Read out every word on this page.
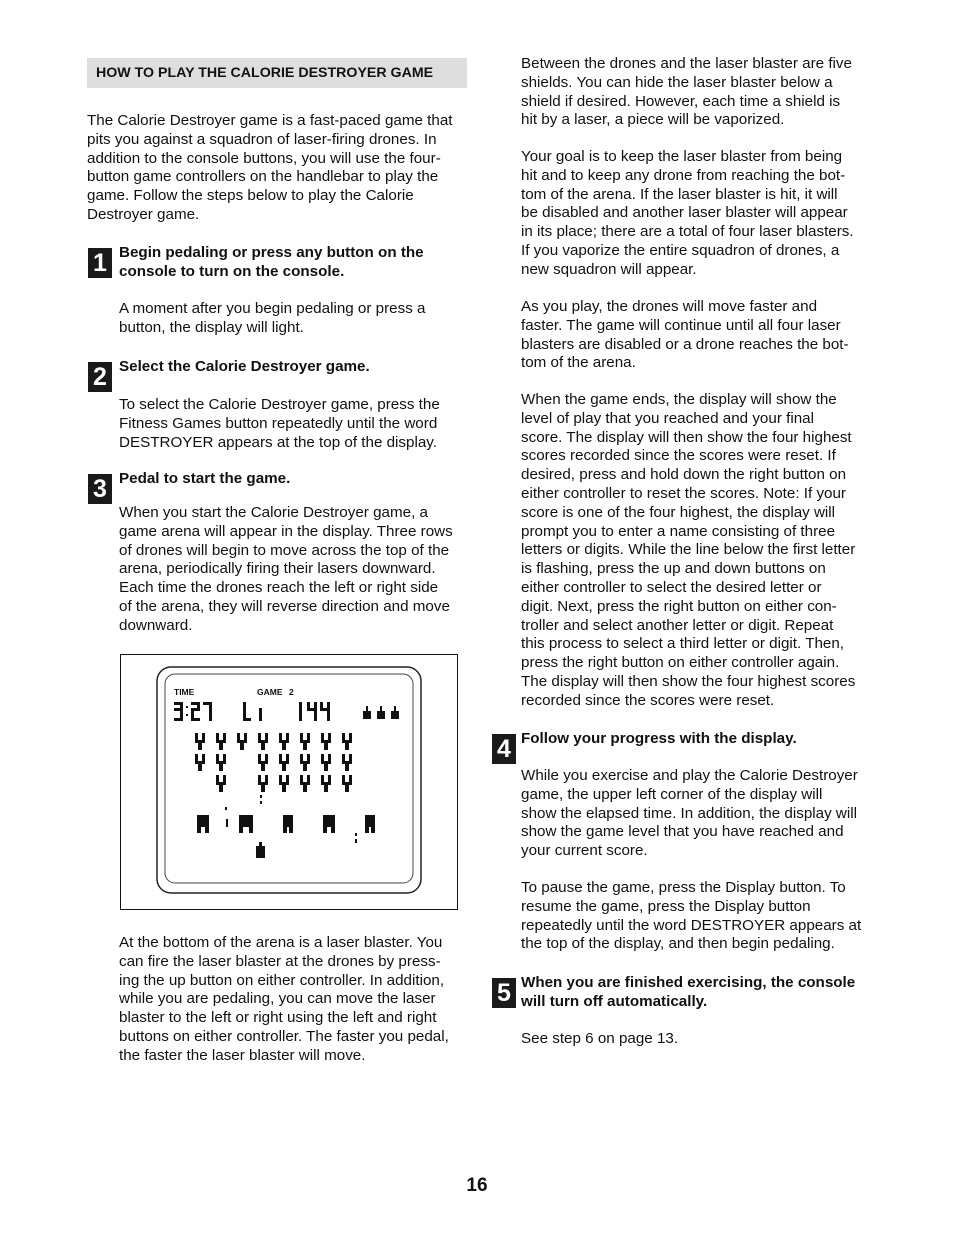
HOW TO PLAY THE CALORIE DESTROYER GAME

The Calorie Destroyer game is a fast-paced game that

pits you against a squadron of laser-firing drones. In

addition to the console buttons, you will use the four-

button game controllers on the handlebar to play the

game. Follow the steps below to play the Calorie

Destroyer game.

1 Begin pedaling or press any button on the

console to turn on the console.

A moment after you begin pedaling or press a

button, the display will light.

2 Select the Calorie Destroyer game.

To select the Calorie Destroyer game, press the

Fitness Games button repeatedly until the word

DESTROYER appears at the top of the display.

3 Pedal to start the game.

When you start the Calorie Destroyer game, a

game arena will appear in the display. Three rows

of drones will begin to move across the top of the

arena, periodically firing their lasers downward.

Each time the drones reach the left or right side

of the arena, they will reverse direction and move

downward.

TIME	GAME 2

At the bottom of the arena is a laser blaster. You

can fire the laser blaster at the drones by press-

ing the up button on either controller. In addition,

while you are pedaling, you can move the laser

blaster to the left or right using the left and right

buttons on either controller. The faster you pedal,

the faster the laser blaster will move.

Between the drones and the laser blaster are five

shields. You can hide the laser blaster below a

shield if desired. However, each time a shield is

hit by a laser, a piece will be vaporized.

Your goal is to keep the laser blaster from being

hit and to keep any drone from reaching the bot-

tom of the arena. If the laser blaster is hit, it will

be disabled and another laser blaster will appear

in its place; there are a total of four laser blasters.

If you vaporize the entire squadron of drones, a

new squadron will appear.

As you play, the drones will move faster and

faster. The game will continue until all four laser

blasters are disabled or a drone reaches the bot-

tom of the arena.

When the game ends, the display will show the

level of play that you reached and your final

score. The display will then show the four highest

scores recorded since the scores were reset. If

desired, press and hold down the right button on

either controller to reset the scores. Note: If your

score is one of the four highest, the display will

prompt you to enter a name consisting of three

letters or digits. While the line below the first letter

is flashing, press the up and down buttons on

either controller to select the desired letter or

digit. Next, press the right button on either con-

troller and select another letter or digit. Repeat

this process to select a third letter or digit. Then,

press the right button on either controller again.

The display will then show the four highest scores

recorded since the scores were reset.

4 Follow your progress with the display.

While you exercise and play the Calorie Destroyer

game, the upper left corner of the display will

show the elapsed time. In addition, the display will

show the game level that you have reached and

your current score.

To pause the game, press the Display button. To

resume the game, press the Display button

repeatedly until the word DESTROYER appears at

the top of the display, and then begin pedaling.

5 When you are finished exercising, the console

will turn off automatically.

See step 6 on page 13.

16
